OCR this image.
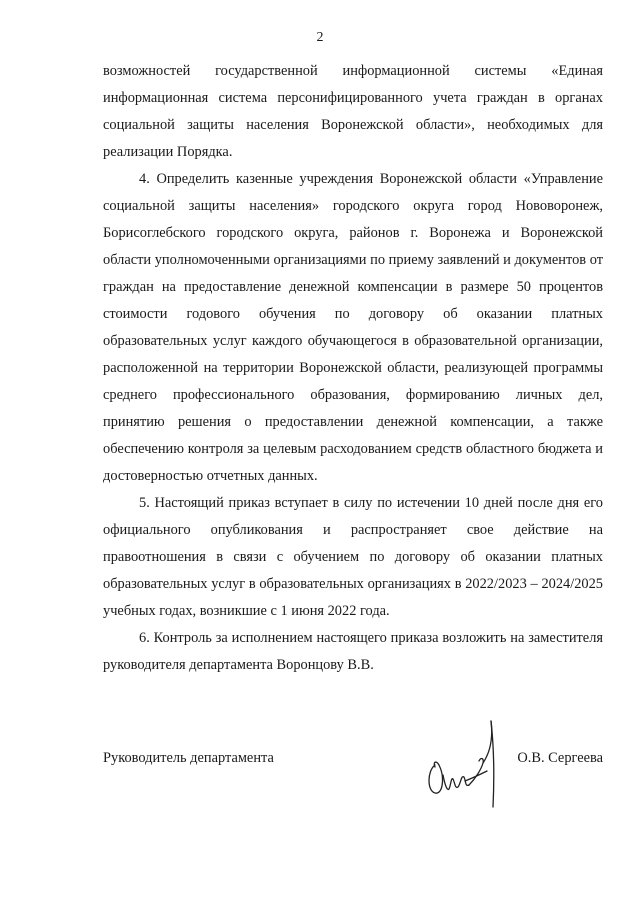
2

возможностей государственной информационной системы «Единая информационная система персонифицированного учета граждан в органах социальной защиты населения Воронежской области», необходимых для реализации Порядка.

4. Определить казенные учреждения Воронежской области «Управление социальной защиты населения» городского округа город Нововоронеж, Борисоглебского городского округа, районов г. Воронежа и Воронежской области уполномоченными организациями по приему заявлений и документов от граждан на предоставление денежной компенсации в размере 50 процентов стоимости годового обучения по договору об оказании платных образовательных услуг каждого обучающегося в образовательной организации, расположенной на территории Воронежской области, реализующей программы среднего профессионального образования, формированию личных дел, принятию решения о предоставлении денежной компенсации, а также обеспечению контроля за целевым расходованием средств областного бюджета и достоверностью отчетных данных.

5. Настоящий приказ вступает в силу по истечении 10 дней после дня его официального опубликования и распространяет свое действие на правоотношения в связи с обучением по договору об оказании платных образовательных услуг в образовательных организациях в 2022/2023 – 2024/2025 учебных годах, возникшие с 1 июня 2022 года.

6. Контроль за исполнением настоящего приказа возложить на заместителя руководителя департамента Воронцову В.В.

Руководитель департамента	О.В. Сергеева
